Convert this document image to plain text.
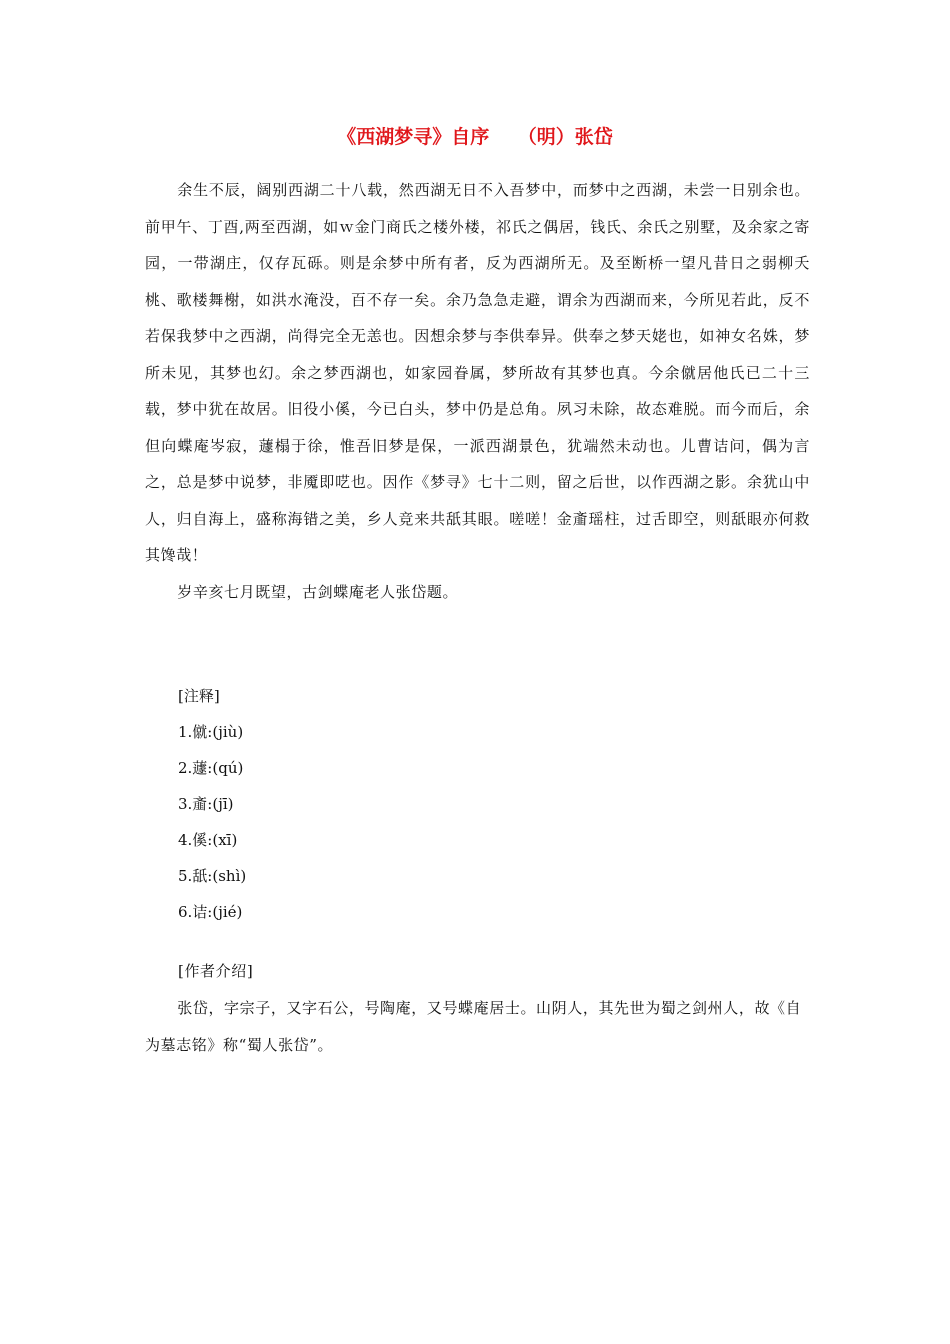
《西湖梦寻》自序　　（明）张岱

余生不辰，阔别西湖二十八载，然西湖无日不入吾梦中，而梦中之西湖，未尝一日别余也。前甲午、丁酉,两至西湖，如ｗ金门商氏之楼外楼，祁氏之偶居，钱氏、余氏之别墅，及余家之寄园，一带湖庄，仅存瓦砾。则是余梦中所有者，反为西湖所无。及至断桥一望凡昔日之弱柳夭桃、歌楼舞榭，如洪水淹没，百不存一矣。余乃急急走避，谓余为西湖而来，今所见若此，反不若保我梦中之西湖，尚得完全无恙也。因想余梦与李供奉异。供奉之梦天姥也，如神女名姝，梦所未见，其梦也幻。余之梦西湖也，如家园眷属，梦所故有其梦也真。今余僦居他氏已二十三载，梦中犹在故居。旧役小傒，今已白头，梦中仍是总角。夙习未除，故态难脱。而今而后，余但向蝶庵岑寂，蘧榻于徐，惟吾旧梦是保，一派西湖景色，犹端然未动也。儿曹诘问，偶为言之，总是梦中说梦，非魇即呓也。因作《梦寻》七十二则，留之后世，以作西湖之影。余犹山中人，归自海上，盛称海错之美，乡人竞来共舐其眼。嗟嗟！金齑瑶柱，过舌即空，则舐眼亦何救其馋哉！

岁辛亥七月既望，古剑蝶庵老人张岱题。

[注释]

1.僦:(jiù)

2.蘧:(qú)

3.齑:(jī)

4.傒:(xī)

5.舐:(shì)

6.诘:(jié)

[作者介绍]

张岱，字宗子，又字石公，号陶庵，又号蝶庵居士。山阴人，其先世为蜀之剑州人，故《自为墓志铭》称“蜀人张岱”。
